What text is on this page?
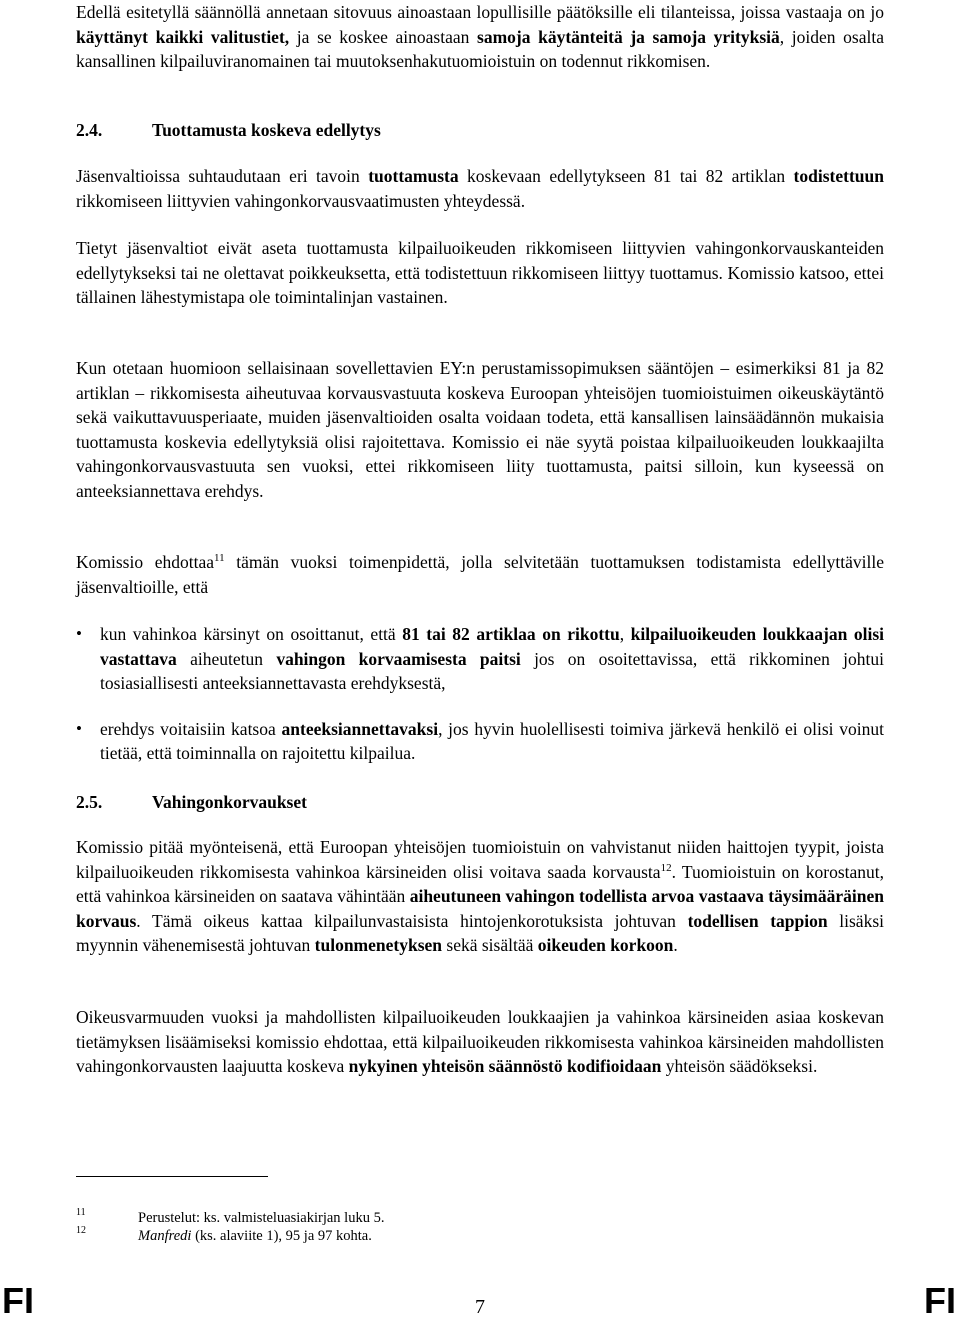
Edellä esitetyllä säännöllä annetaan sitovuus ainoastaan lopullisille päätöksille eli tilanteissa, joissa vastaaja on jo käyttänyt kaikki valitustiet, ja se koskee ainoastaan samoja käytänteitä ja samoja yrityksiä, joiden osalta kansallinen kilpailuviranomainen tai muutoksenhakutuomioistuin on todennut rikkomisen.

2.4.	Tuottamusta koskeva edellytys

Jäsenvaltioissa suhtaudutaan eri tavoin tuottamusta koskevaan edellytykseen 81 tai 82 artiklan todistettuun rikkomiseen liittyvien vahingonkorvausvaatimusten yhteydessä.

Tietyt jäsenvaltiot eivät aseta tuottamusta kilpailuoikeuden rikkomiseen liittyvien vahingonkorvauskanteiden edellytykseksi tai ne olettavat poikkeuksetta, että todistettuun rikkomiseen liittyy tuottamus. Komissio katsoo, ettei tällainen lähestymistapa ole toimintalinjan vastainen.

Kun otetaan huomioon sellaisinaan sovellettavien EY:n perustamissopimuksen sääntöjen – esimerkiksi 81 ja 82 artiklan – rikkomisesta aiheutuvaa korvausvastuuta koskeva Euroopan yhteisöjen tuomioistuimen oikeuskäytäntö sekä vaikuttavuusperiaate, muiden jäsenvaltioiden osalta voidaan todeta, että kansallisen lainsäädännön mukaisia tuottamusta koskevia edellytyksiä olisi rajoitettava. Komissio ei näe syytä poistaa kilpailuoikeuden loukkaajilta vahingonkorvausvastuuta sen vuoksi, ettei rikkomiseen liity tuottamusta, paitsi silloin, kun kyseessä on anteeksiannettava erehdys.

Komissio ehdottaa$^{11}$ tämän vuoksi toimenpidettä, jolla selvitetään tuottamuksen todistamista edellyttäville jäsenvaltioille, että

• kun vahinkoa kärsinyt on osoittanut, että 81 tai 82 artiklaa on rikottu, kilpailuoikeuden loukkaajan olisi vastattava aiheutetun vahingon korvaamisesta paitsi jos on osoitettavissa, että rikkominen johtui tosiasiallisesti anteeksiannettavasta erehdyksestä,
• erehdys voitaisiin katsoa anteeksiannettavaksi, jos hyvin huolellisesti toimiva järkevä henkilö ei olisi voinut tietää, että toiminnalla on rajoitettu kilpailua.
2.5.	Vahingonkorvaukset

Komissio pitää myönteisenä, että Euroopan yhteisöjen tuomioistuin on vahvistanut niiden haittojen tyypit, joista kilpailuoikeuden rikkomisesta vahinkoa kärsineiden olisi voitava saada korvausta$^{12}$. Tuomioistuin on korostanut, että vahinkoa kärsineiden on saatava vähintään aiheutuneen vahingon todellista arvoa vastaava täysimääräinen korvaus. Tämä oikeus kattaa kilpailunvastaisista hintojenkorotuksista johtuvan todellisen tappion lisäksi myynnin vähenemisestä johtuvan tulonmenetyksen sekä sisältää oikeuden korkoon.

Oikeusvarmuuden vuoksi ja mahdollisten kilpailuoikeuden loukkaajien ja vahinkoa kärsineiden asiaa koskevan tietämyksen lisäämiseksi komissio ehdottaa, että kilpailuoikeuden rikkomisesta vahinkoa kärsineiden mahdollisten vahingonkorvausten laajuutta koskeva nykyinen yhteisön säännöstö kodifioidaan yhteisön säädökseksi.

11	Perustelut: ks. valmisteluasiakirjan luku 5.
12	Manfredi (ks. alaviite 1), 95 ja 97 kohta.
FI	7	FI
